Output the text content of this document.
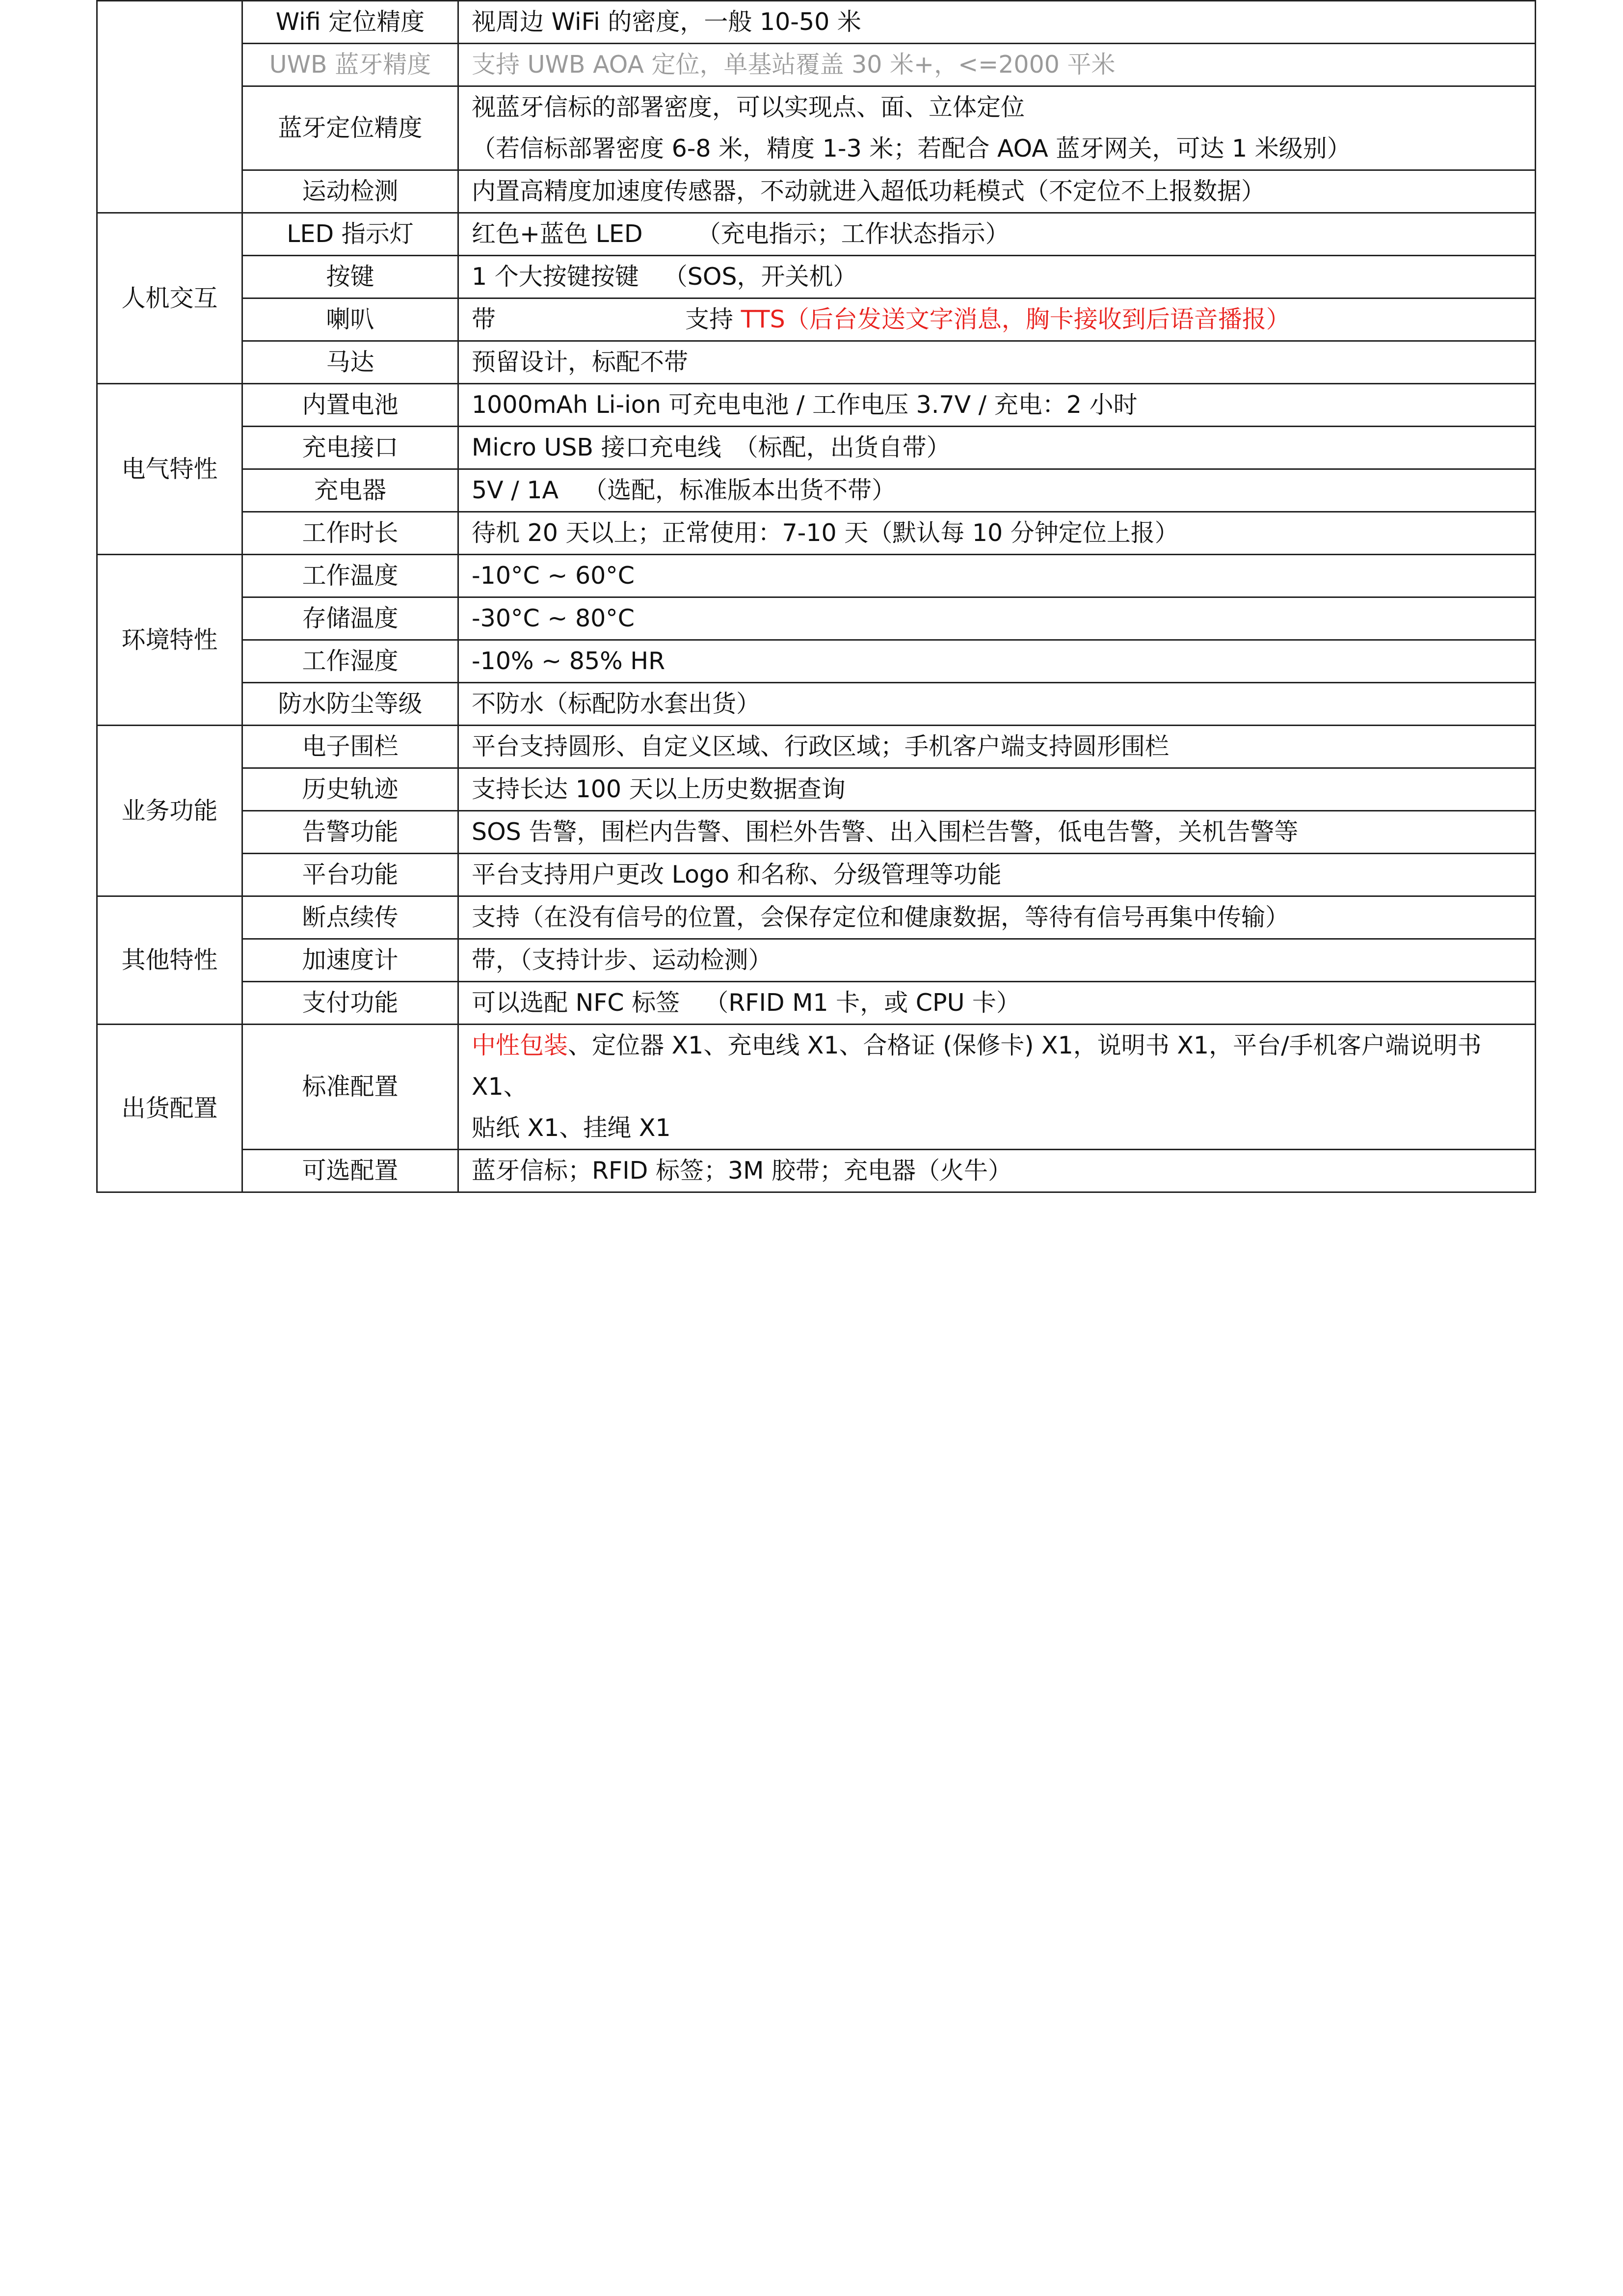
	Wifi 定位精度	视周边 WiFi 的密度，一般 10-50 米
	UWB 蓝牙精度	支持 UWB AOA 定位，单基站覆盖 30 米+，<=2000 平米
	蓝牙定位精度	视蓝牙信标的部署密度，可以实现点、面、立体定位
（若信标部署密度 6-8 米，精度 1-3 米；若配合 AOA 蓝牙网关，可达 1 米级别）

	运动检测	内置高精度加速度传感器，不动就进入超低功耗模式（不定位不上报数据）
人机交互	LED 指示灯	红色+蓝色 LED （充电指示；工作状态指示）
	按键	1 个大按键按键 （SOS，开关机）
	喇叭	带 支持 TTS（后台发送文字消息，胸卡接收到后语音播报）
	马达	预留设计，标配不带
电气特性	内置电池	1000mAh Li-ion 可充电电池 / 工作电压 3.7V / 充电：2 小时
	充电接口	Micro USB 接口充电线 （标配，出货自带）
	充电器	5V / 1A （选配，标准版本出货不带）
	工作时长	待机 20 天以上；正常使用：7-10 天（默认每 10 分钟定位上报）
环境特性	工作温度	-10°C ~ 60°C
	存储温度	-30°C ~ 80°C
	工作湿度	-10% ~ 85% HR
	防水防尘等级	不防水（标配防水套出货）
业务功能	电子围栏	平台支持圆形、自定义区域、行政区域；手机客户端支持圆形围栏
	历史轨迹	支持长达 100 天以上历史数据查询
	告警功能	SOS 告警，围栏内告警、围栏外告警、出入围栏告警，低电告警，关机告警等
	平台功能	平台支持用户更改 Logo 和名称、分级管理等功能
其他特性	断点续传	支持（在没有信号的位置，会保存定位和健康数据，等待有信号再集中传输）
	加速度计	带，（支持计步、运动检测）
	支付功能	可以选配 NFC 标签 （RFID M1 卡，或 CPU 卡）
出货配置	标准配置	中性包装、定位器 X1、充电线 X1、合格证 (保修卡) X1，说明书 X1，平台/手机客户端说明书 X1、
贴纸 X1、挂绳 X1

	可选配置	蓝牙信标；RFID 标签；3M 胶带；充电器（火牛）
